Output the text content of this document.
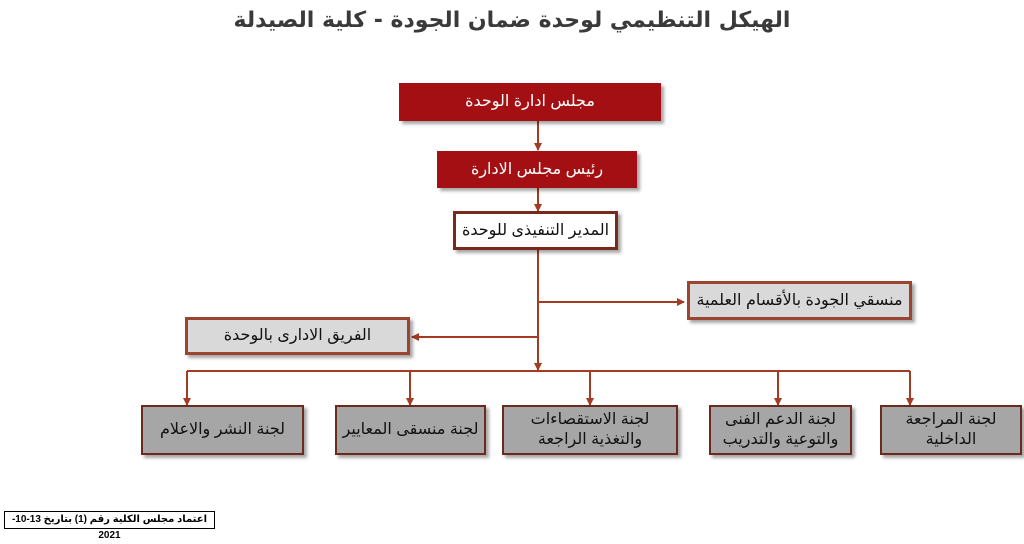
الهيكل التنظيمي لوحدة ضمان الجودة - كلية الصيدلة
مجلس ادارة الوحدة
رئيس مجلس الادارة
المدير التنفيذى للوحدة
منسقي الجودة بالأقسام العلمية
الفريق الادارى بالوحدة
لجنة النشر والاعلام	لجنة منسقى المعايير
لجنة الاستقصاءات والتغذية الراجعة
لجنة الدعم الفنى والتوعية والتدريب
لجنة المراجعة الداخلية
اعتماد مجلس الكلية رقم (1) بتاريخ 13-10-2021
